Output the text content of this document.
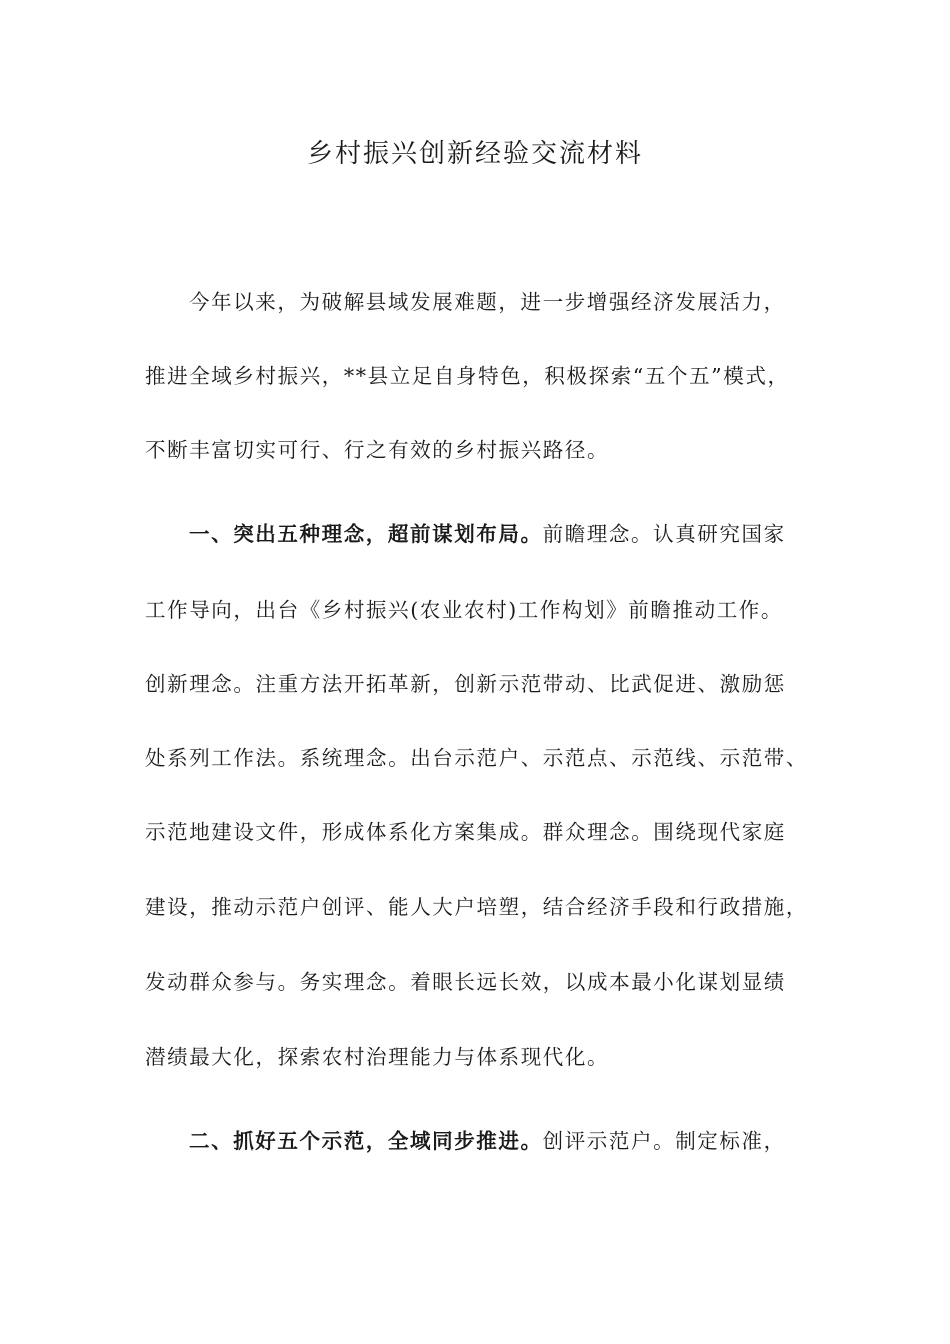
乡村振兴创新经验交流材料
今年以来，为破解县域发展难题，进一步增强经济发展活力，
推进全域乡村振兴，**县立足自身特色，积极探索“五个五”模式，
不断丰富切实可行、行之有效的乡村振兴路径。
一、突出五种理念，超前谋划布局。前瞻理念。认真研究国家
工作导向，出台《乡村振兴(农业农村)工作构划》前瞻推动工作。
创新理念。注重方法开拓革新，创新示范带动、比武促进、激励惩
处系列工作法。系统理念。出台示范户、示范点、示范线、示范带、
示范地建设文件，形成体系化方案集成。群众理念。围绕现代家庭
建设，推动示范户创评、能人大户培塑，结合经济手段和行政措施，
发动群众参与。务实理念。着眼长远长效，以成本最小化谋划显绩
潜绩最大化，探索农村治理能力与体系现代化。
二、抓好五个示范，全域同步推进。创评示范户。制定标准，
